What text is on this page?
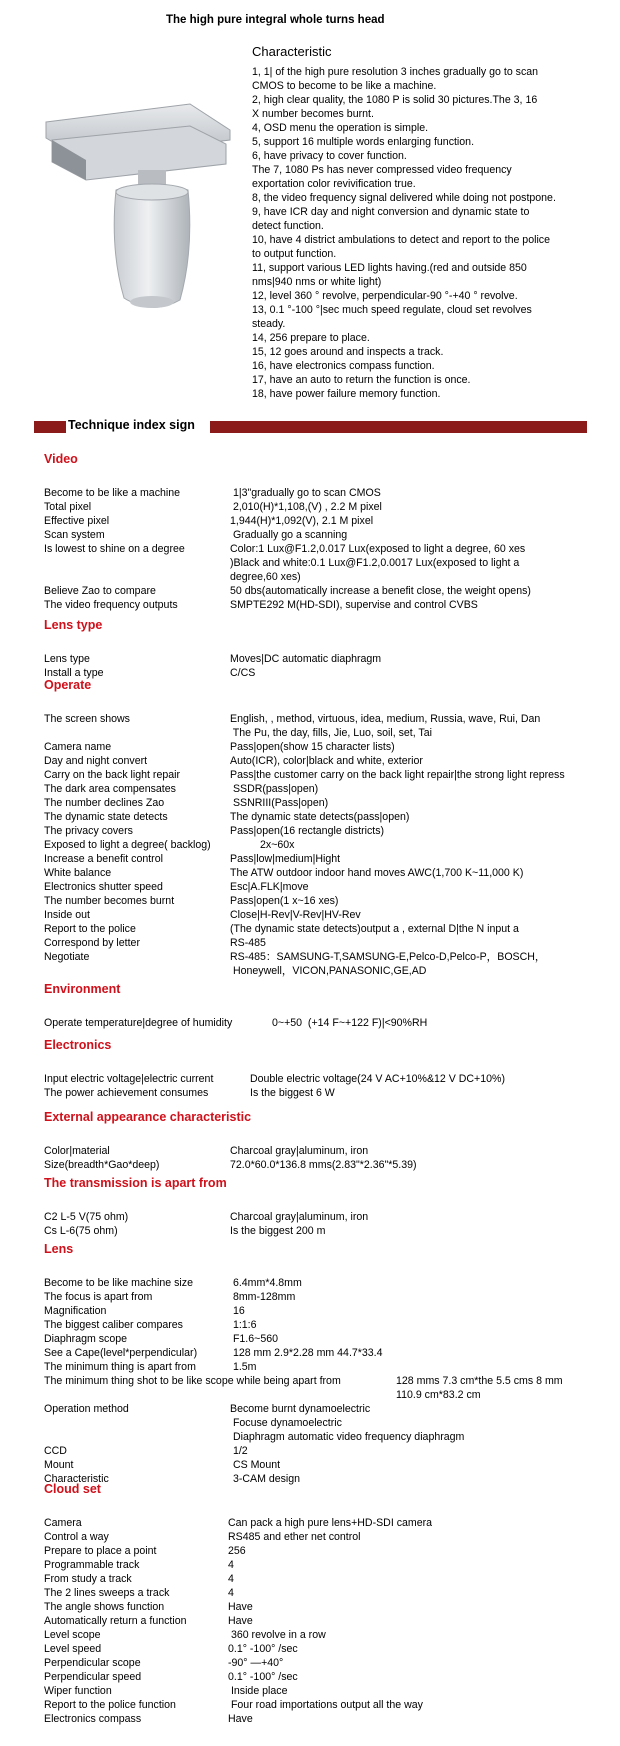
The high pure integral whole turns head
Characteristic
1, 1| of the high pure resolution 3 inches gradually go to scan
CMOS to become to be like a machine.
2, high clear quality, the 1080 P is solid 30 pictures.The 3, 16
X number becomes burnt.
4, OSD menu the operation is simple.
5, support 16 multiple words enlarging function.
6, have privacy to cover function.
The 7, 1080 Ps has never compressed video frequency
exportation color revivification true.
8, the video frequency signal delivered while doing not postpone.
9, have ICR day and night conversion and dynamic state to
detect function.
10, have 4 district ambulations to detect and report to the police
to output function.
11, support various LED lights having.(red and outside 850
nms|940 nms or white light)
12, level 360 ° revolve, perpendicular-90 °-+40 ° revolve.
13, 0.1 °-100 °|sec much speed regulate, cloud set revolves
steady.
14, 256 prepare to place.
15, 12 goes around and inspects a track.
16, have electronics compass function.
17, have an auto to return the function is once.
18, have power failure memory function.
Technique index sign
Video
Become to be like a machine	1|3"gradually go to scan CMOS
Total pixel	2,010(H)*1,108,(V) , 2.2 M pixel
Effective pixel	1,944(H)*1,092(V), 2.1 M pixel
Scan system	Gradually go a scanning
Is lowest to shine on a degree	Color:1 Lux@F1.2,0.017 Lux(exposed to light a degree, 60 xes
)Black and white:0.1 Lux@F1.2,0.0017 Lux(exposed to light a
degree,60 xes)
Believe Zao to compare	50 dbs(automatically increase a benefit close, the weight opens)
The video frequency outputs	SMPTE292 M(HD-SDI), supervise and control CVBS
Lens type
Lens type	Moves|DC automatic diaphragm
Install a type	C/CS
Operate
The screen shows	English, , method, virtuous, idea, medium, Russia, wave, Rui, Dan
The Pu, the day, fills, Jie, Luo, soil, set, Tai
Camera name	Pass|open(show 15 character lists)
Day and night convert	Auto(ICR), color|black and white, exterior
Carry on the back light repair	Pass|the customer carry on the back light repair|the strong light repress
The dark area compensates	SSDR(pass|open)
The number declines Zao	SSNRIII(Pass|open)
The dynamic state detects	The dynamic state detects(pass|open)
The privacy covers	Pass|open(16 rectangle districts)
Exposed to light a degree( backlog)	2x~60x
Increase a benefit control	Pass|low|medium|Hight
White balance	The ATW outdoor indoor hand moves AWC(1,700 K~11,000 K)
Electronics shutter speed	Esc|A.FLK|move
The number becomes burnt	Pass|open(1 x~16 xes)
Inside out	Close|H-Rev|V-Rev|HV-Rev
Report to the police	(The dynamic state detects)output a , external D|the N input a
Correspond by letter	RS-485
Negotiate	RS-485：SAMSUNG-T,SAMSUNG-E,Pelco-D,Pelco-P，BOSCH，
Honeywell，VICON,PANASONIC,GE,AD
Environment
Operate temperature|degree of humidity	0~+50  (+14 F~+122 F)|<90%RH
Electronics
Input electric voltage|electric current	Double electric voltage(24 V AC+10%&12 V DC+10%)
The power achievement consumes	Is the biggest 6 W
External appearance characteristic
Color|material	Charcoal gray|aluminum, iron
Size(breadth*Gao*deep)	72.0*60.0*136.8 mms(2.83"*2.36"*5.39)
The transmission is apart from
C2 L-5 V(75 ohm)	Charcoal gray|aluminum, iron
Cs L-6(75 ohm)	Is the biggest 200 m
Lens
Become to be like machine size	6.4mm*4.8mm
The focus is apart from	8mm-128mm
Magnification	16
The biggest caliber compares	1:1:6
Diaphragm scope	F1.6~560
See a Cape(level*perpendicular)	128 mm 2.9*2.28 mm 44.7*33.4
The minimum thing is apart from	1.5m
The minimum thing shot to be like scope while being apart from	128 mms 7.3 cm*the 5.5 cms 8 mm
110.9 cm*83.2 cm
Operation method	Become burnt dynamoelectric
Focuse dynamoelectric
Diaphragm automatic video frequency diaphragm
CCD	1/2
Mount	CS Mount
Characteristic	3-CAM design
Cloud set
Camera	Can pack a high pure lens+HD-SDI camera
Control a way	RS485 and ether net control
Prepare to place a point	256
Programmable track	4
From study a track	4
The 2 lines sweeps a track	4
The angle shows function	Have
Automatically return a function	Have
Level scope	360 revolve in a row
Level speed	0.1° -100° /sec
Perpendicular scope	-90° —+40°
Perpendicular speed	0.1° -100° /sec
Wiper function	Inside place
Report to the police function	Four road importations output all the way
Electronics compass	Have
